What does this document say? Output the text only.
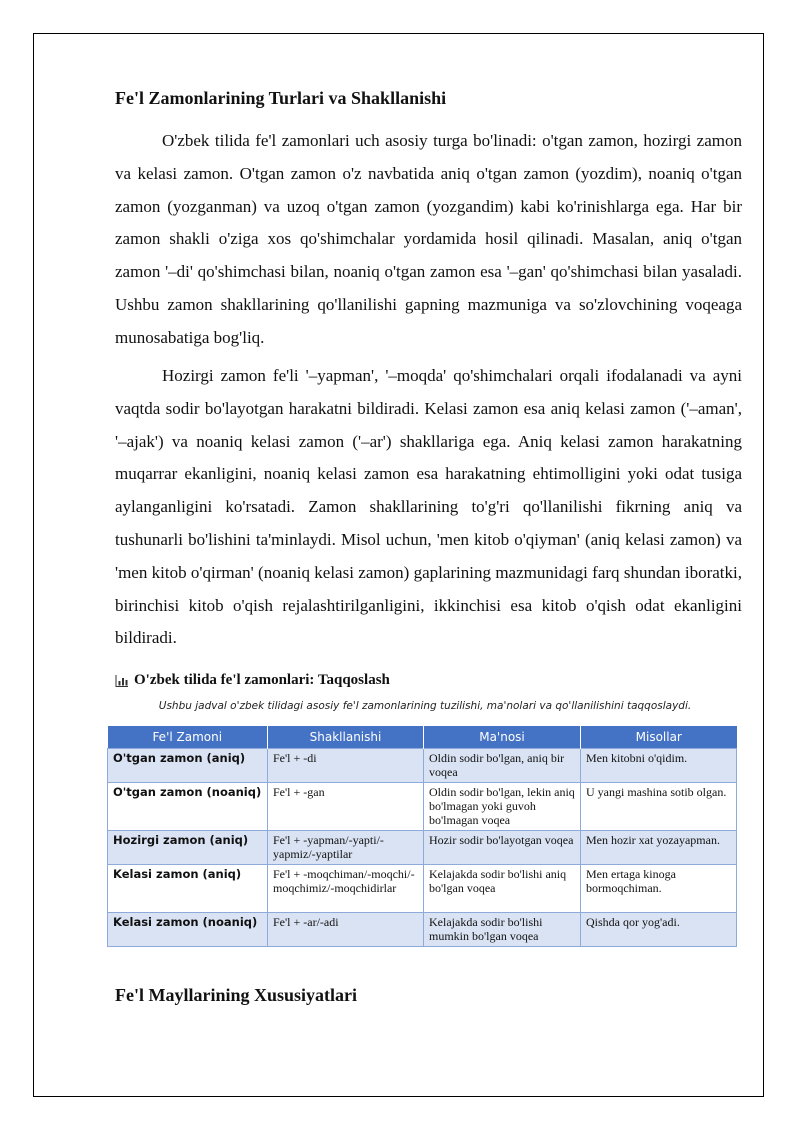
Fe'l Zamonlarining Turlari va Shakllanishi

O'zbek tilida fe'l zamonlari uch asosiy turga bo'linadi: o'tgan zamon, hozirgi zamon va kelasi zamon. O'tgan zamon o'z navbatida aniq o'tgan zamon (yozdim), noaniq o'tgan zamon (yozganman) va uzoq o'tgan zamon (yozgandim) kabi ko'rinishlarga ega. Har bir zamon shakli o'ziga xos qo'shimchalar yordamida hosil qilinadi. Masalan, aniq o'tgan zamon '–di' qo'shimchasi bilan, noaniq o'tgan zamon esa '–gan' qo'shimchasi bilan yasaladi. Ushbu zamon shakllarining qo'llanilishi gapning mazmuniga va so'zlovchining voqeaga munosabatiga bog'liq.

Hozirgi zamon fe'li '–yapman', '–moqda' qo'shimchalari orqali ifodalanadi va ayni vaqtda sodir bo'layotgan harakatni bildiradi. Kelasi zamon esa aniq kelasi zamon ('–aman', '–ajak') va noaniq kelasi zamon ('–ar') shakllariga ega. Aniq kelasi zamon harakatning muqarrar ekanligini, noaniq kelasi zamon esa harakatning ehtimolligini yoki odat tusiga aylanganligini ko'rsatadi. Zamon shakllarining to'g'ri qo'llanilishi fikrning aniq va tushunarli bo'lishini ta'minlaydi. Misol uchun, 'men kitob o'qiyman' (aniq kelasi zamon) va 'men kitob o'qirman' (noaniq kelasi zamon) gaplarining mazmunidagi farq shundan iboratki, birinchisi kitob o'qish rejalashtirilganligini, ikkinchisi esa kitob o'qish odat ekanligini bildiradi.

O'zbek tilida fe'l zamonlari: Taqqoslash
Ushbu jadval o'zbek tilidagi asosiy fe'l zamonlarining tuzilishi, ma'nolari va qo'llanilishini taqqoslaydi.
Fe'l Zamoni	Shakllanishi	Ma'nosi	Misollar
O'tgan zamon (aniq)	Fe'l + -di	Oldin sodir bo'lgan, aniq bir voqea	Men kitobni o'qidim.
O'tgan zamon (noaniq)	Fe'l + -gan	Oldin sodir bo'lgan, lekin aniq bo'lmagan yoki guvoh bo'lmagan voqea	U yangi mashina sotib olgan.
Hozirgi zamon (aniq)	Fe'l + -yapman/-yapti/-yapmiz/-yaptilar	Hozir sodir bo'layotgan voqea	Men hozir xat yozayapman.
Kelasi zamon (aniq)	Fe'l + -moqchiman/-moqchi/-moqchimiz/-moqchidirlar	Kelajakda sodir bo'lishi aniq bo'lgan voqea	Men ertaga kinoga bormoqchiman.
Kelasi zamon (noaniq)	Fe'l + -ar/-adi	Kelajakda sodir bo'lishi mumkin bo'lgan voqea	Qishda qor yog'adi.
Fe'l Mayllarining Xususiyatlari
